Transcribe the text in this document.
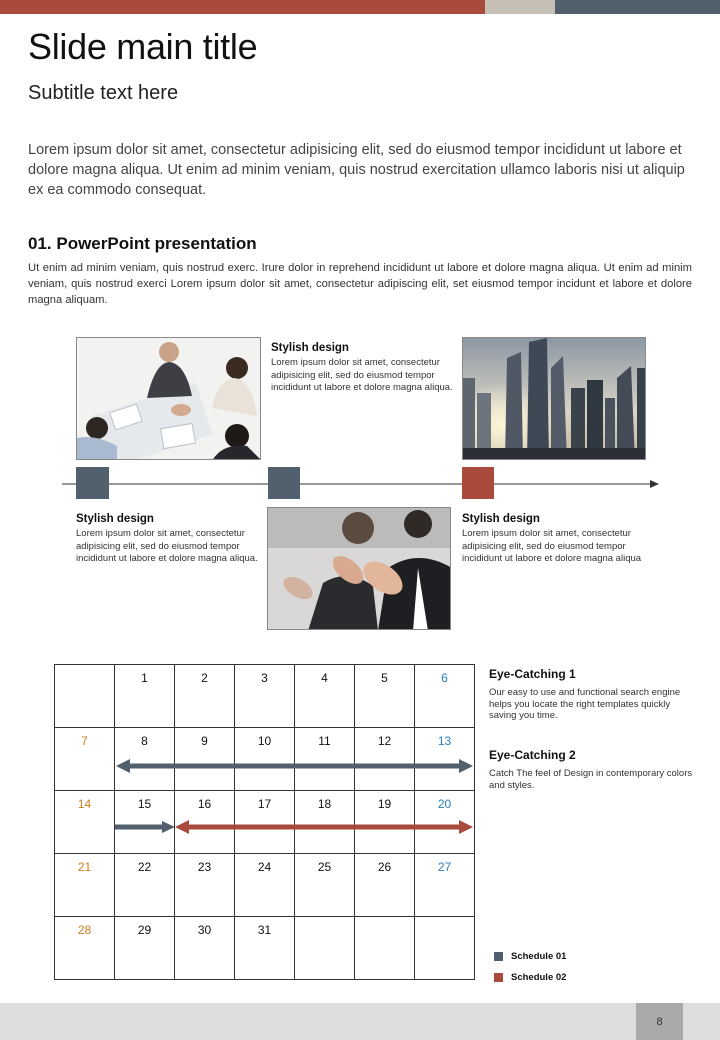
Slide main title
Subtitle text here
Lorem ipsum dolor sit amet, consectetur adipisicing elit, sed do eiusmod tempor incididunt ut labore et dolore magna aliqua. Ut enim ad minim veniam, quis nostrud exercitation ullamco laboris nisi ut aliquip ex ea commodo consequat.
01. PowerPoint presentation
Ut enim ad minim veniam, quis nostrud exerc. Irure dolor in reprehend incididunt ut labore et dolore magna aliqua. Ut enim ad minim veniam, quis nostrud exerci Lorem ipsum dolor sit amet, consectetur adipiscing elit, set eiusmod tempor incidunt et labore et dolore magna aliquam.
Stylish design
Lorem ipsum dolor sit amet, consectetur adipisicing elit, sed do eiusmod tempor incididunt ut labore et dolore magna aliqua.
Stylish design
Lorem ipsum dolor sit amet, consectetur adipisicing elit, sed do eiusmod tempor incididunt ut labore et dolore magna aliqua.
Stylish design
Lorem ipsum dolor sit amet, consectetur adipisicing elit, sed do eiusmod tempor incididunt ut labore et dolore magna aliqua
	1	2	3	4	5	6
7	8	9	10	11	12	13
14	15	16	17	18	19	20
21	22	23	24	25	26	27
28	29	30	31			
Eye-Catching 1
Our easy to use and functional search engine helps you locate the right templates quickly saving you time.
Eye-Catching 2
Catch The feel of Design in contemporary colors and styles.
Schedule 01
Schedule 02
8
